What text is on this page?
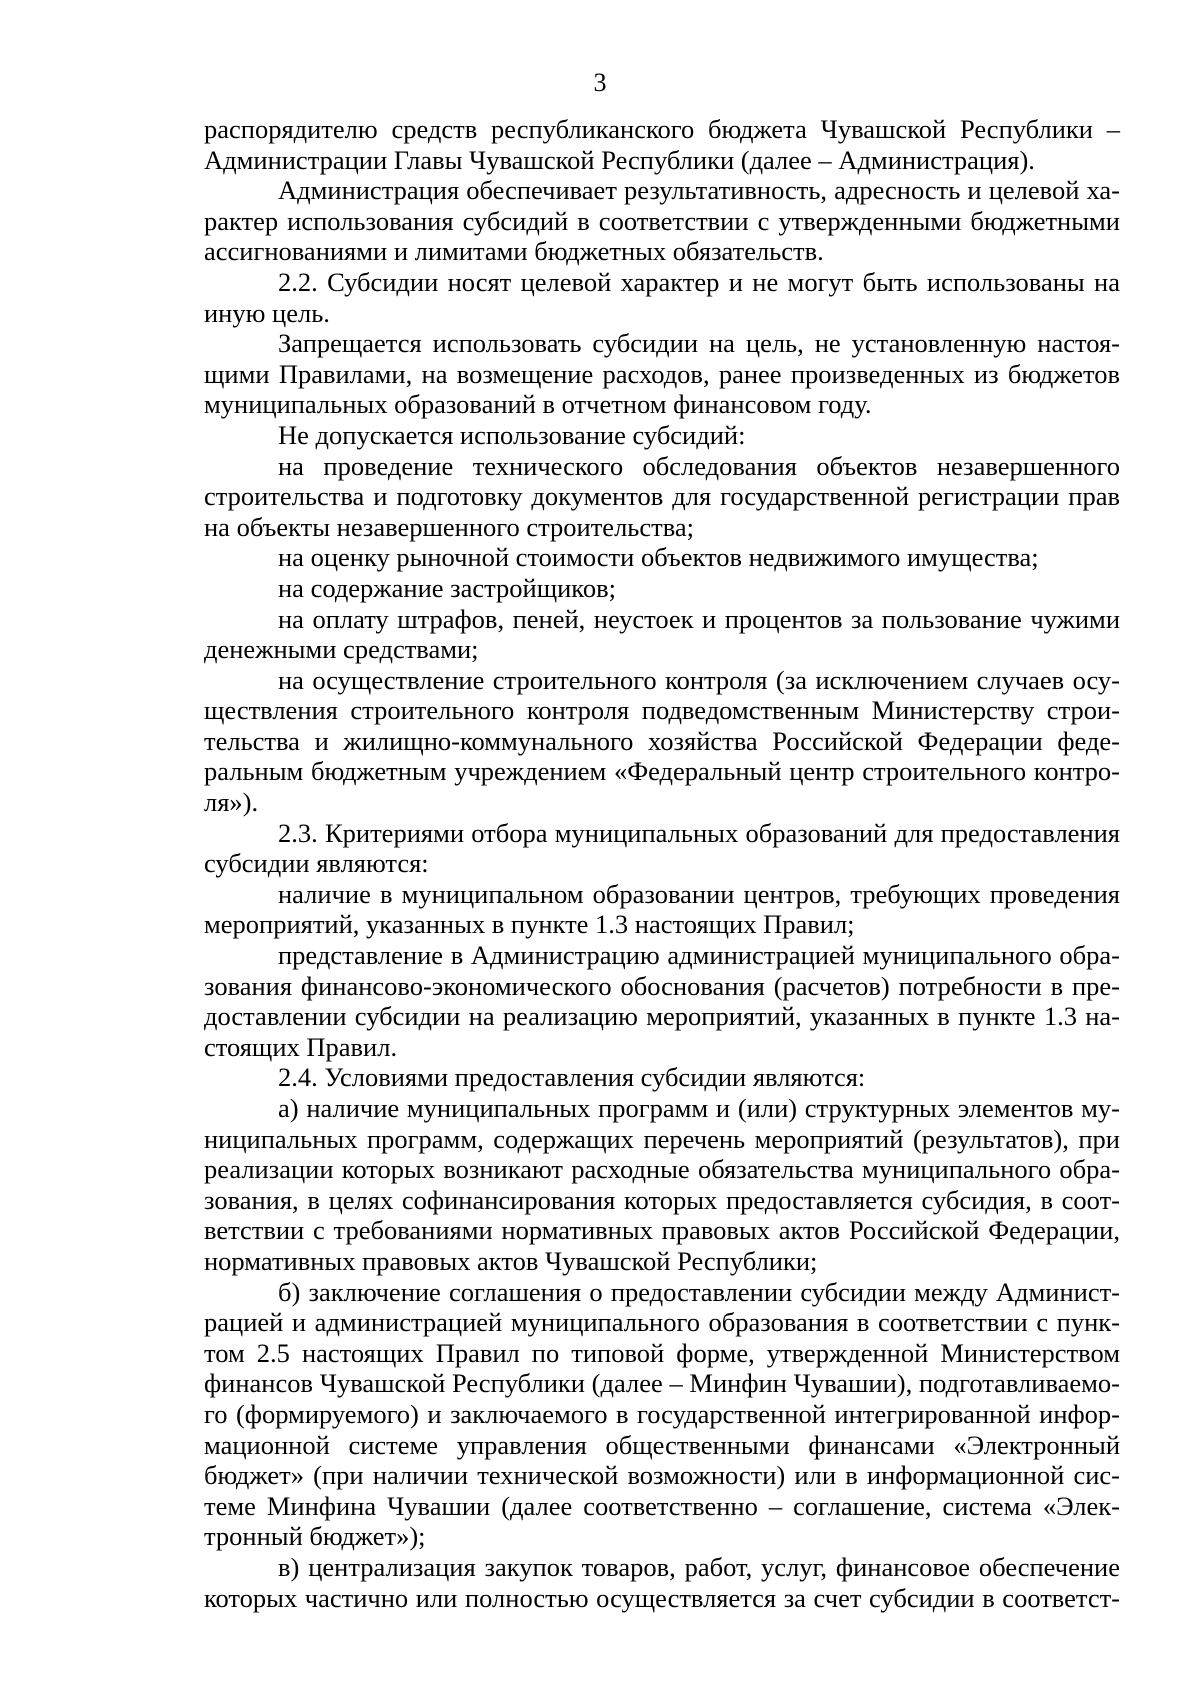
3
распорядителю средств республиканского бюджета Чувашской Республики –
Администрации Главы Чувашской Республики (далее – Администрация).
Администрация обеспечивает результативность, адресность и целевой ха-
рактер использования субсидий в соответствии с утвержденными бюджетными
ассигнованиями и лимитами бюджетных обязательств.
2.2. Субсидии носят целевой характер и не могут быть использованы на
иную цель.
Запрещается использовать субсидии на цель, не установленную настоя-
щими Правилами, на возмещение расходов, ранее произведенных из бюджетов
муниципальных образований в отчетном финансовом году.
Не допускается использование субсидий:
на проведение технического обследования объектов незавершенного
строительства и подготовку документов для государственной регистрации прав
на объекты незавершенного строительства;
на оценку рыночной стоимости объектов недвижимого имущества;
на содержание застройщиков;
на оплату штрафов, пеней, неустоек и процентов за пользование чужими
денежными средствами;
на осуществление строительного контроля (за исключением случаев осу-
ществления строительного контроля подведомственным Министерству строи-
тельства и жилищно-коммунального хозяйства Российской Федерации феде-
ральным бюджетным учреждением «Федеральный центр строительного контро-
ля»).
2.3. Критериями отбора муниципальных образований для предоставления
субсидии являются:
наличие в муниципальном образовании центров, требующих проведения
мероприятий, указанных в пункте 1.3 настоящих Правил;
представление в Администрацию администрацией муниципального обра-
зования финансово-экономического обоснования (расчетов) потребности в пре-
доставлении субсидии на реализацию мероприятий, указанных в пункте 1.3 на-
стоящих Правил.
2.4. Условиями предоставления субсидии являются:
а) наличие муниципальных программ и (или) структурных элементов му-
ниципальных программ, содержащих перечень мероприятий (результатов), при
реализации которых возникают расходные обязательства муниципального обра-
зования, в целях софинансирования которых предоставляется субсидия, в соот-
ветствии с требованиями нормативных правовых актов Российской Федерации,
нормативных правовых актов Чувашской Республики;
б) заключение соглашения о предоставлении субсидии между Админист-
рацией и администрацией муниципального образования в соответствии с пунк-
том 2.5 настоящих Правил по типовой форме, утвержденной Министерством
финансов Чувашской Республики (далее – Минфин Чувашии), подготавливаемо-
го (формируемого) и заключаемого в государственной интегрированной инфор-
мационной системе управления общественными финансами «Электронный
бюджет» (при наличии технической возможности) или в информационной сис-
теме Минфина Чувашии (далее соответственно – соглашение, система «Элек-
тронный бюджет»);
в) централизация закупок товаров, работ, услуг, финансовое обеспечение
которых частично или полностью осуществляется за счет субсидии в соответст-
